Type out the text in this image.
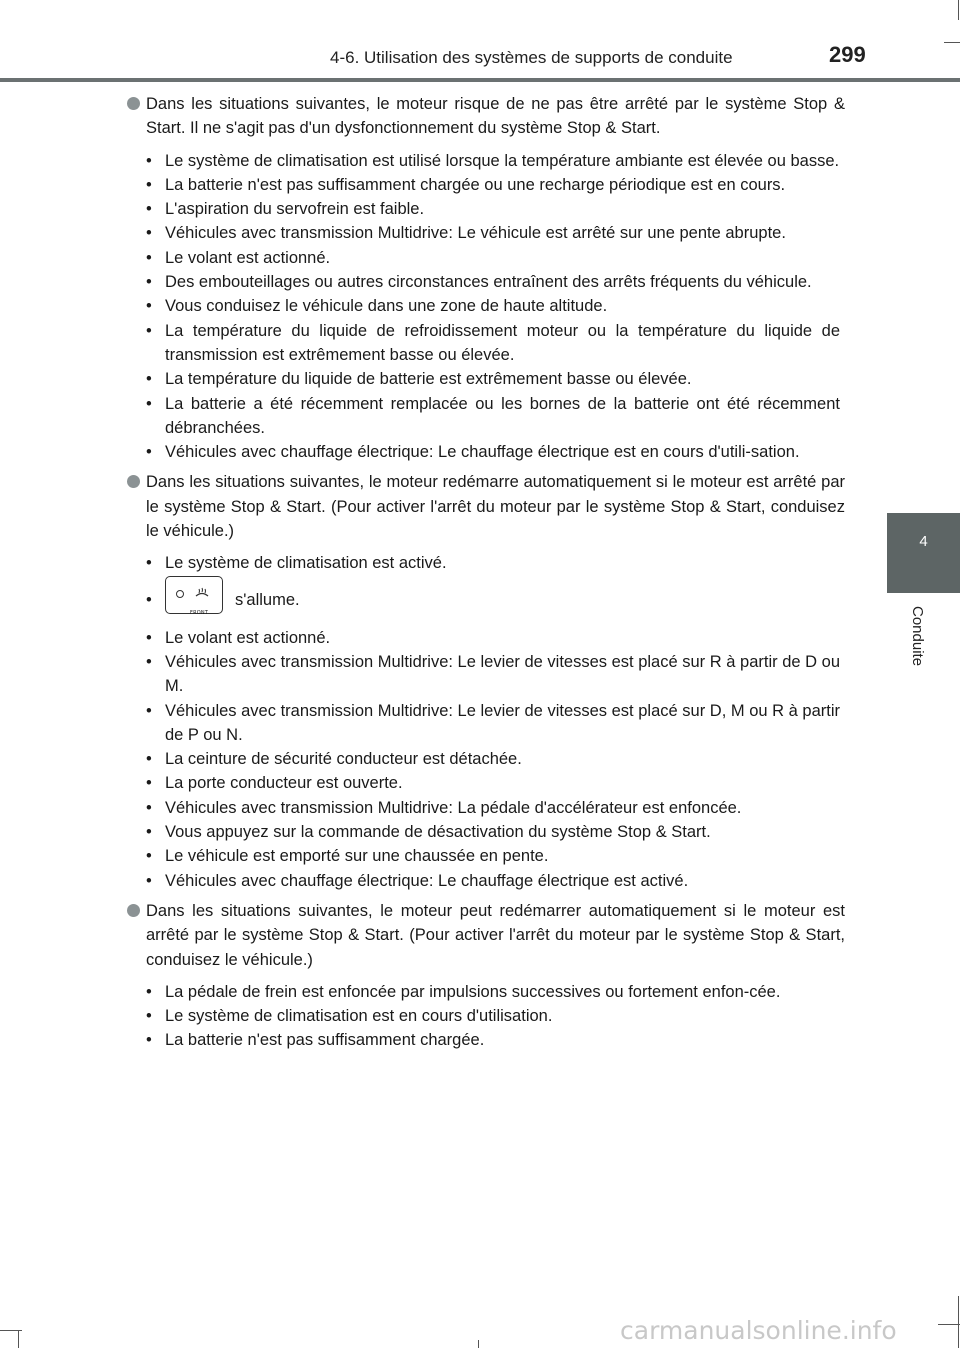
4-6. Utilisation des systèmes de supports de conduite	299
4
Conduite
Dans les situations suivantes, le moteur risque de ne pas être arrêté par le système Stop & Start. Il ne s'agit pas d'un dysfonctionnement du système Stop & Start.
• Le système de climatisation est utilisé lorsque la température ambiante est élevée ou basse.
• La batterie n'est pas suffisamment chargée ou une recharge périodique est en cours.
• L'aspiration du servofrein est faible.
• Véhicules avec transmission Multidrive: Le véhicule est arrêté sur une pente abrupte.
• Le volant est actionné.
• Des embouteillages ou autres circonstances entraînent des arrêts fréquents du véhicule.
• Vous conduisez le véhicule dans une zone de haute altitude.
• La température du liquide de refroidissement moteur ou la température du liquide de transmission est extrêmement basse ou élevée.
• La température du liquide de batterie est extrêmement basse ou élevée.
• La batterie a été récemment remplacée ou les bornes de la batterie ont été récemment débranchées.
• Véhicules avec chauffage électrique: Le chauffage électrique est en cours d'utili-sation.
Dans les situations suivantes, le moteur redémarre automatiquement si le moteur est arrêté par le système Stop & Start. (Pour activer l'arrêt du moteur par le système Stop & Start, conduisez le véhicule.)
• Le système de climatisation est activé.
•
FRONT
s'allume.
• Le volant est actionné.
• Véhicules avec transmission Multidrive: Le levier de vitesses est placé sur R à partir de D ou M.
• Véhicules avec transmission Multidrive: Le levier de vitesses est placé sur D, M ou R à partir de P ou N.
• La ceinture de sécurité conducteur est détachée.
• La porte conducteur est ouverte.
• Véhicules avec transmission Multidrive: La pédale d'accélérateur est enfoncée.
• Vous appuyez sur la commande de désactivation du système Stop & Start.
• Le véhicule est emporté sur une chaussée en pente.
• Véhicules avec chauffage électrique: Le chauffage électrique est activé.
Dans les situations suivantes, le moteur peut redémarrer automatiquement si le moteur est arrêté par le système Stop & Start. (Pour activer l'arrêt du moteur par le système Stop & Start, conduisez le véhicule.)
• La pédale de frein est enfoncée par impulsions successives ou fortement enfon-cée.
• Le système de climatisation est en cours d'utilisation.
• La batterie n'est pas suffisamment chargée.
carmanualsonline.info
